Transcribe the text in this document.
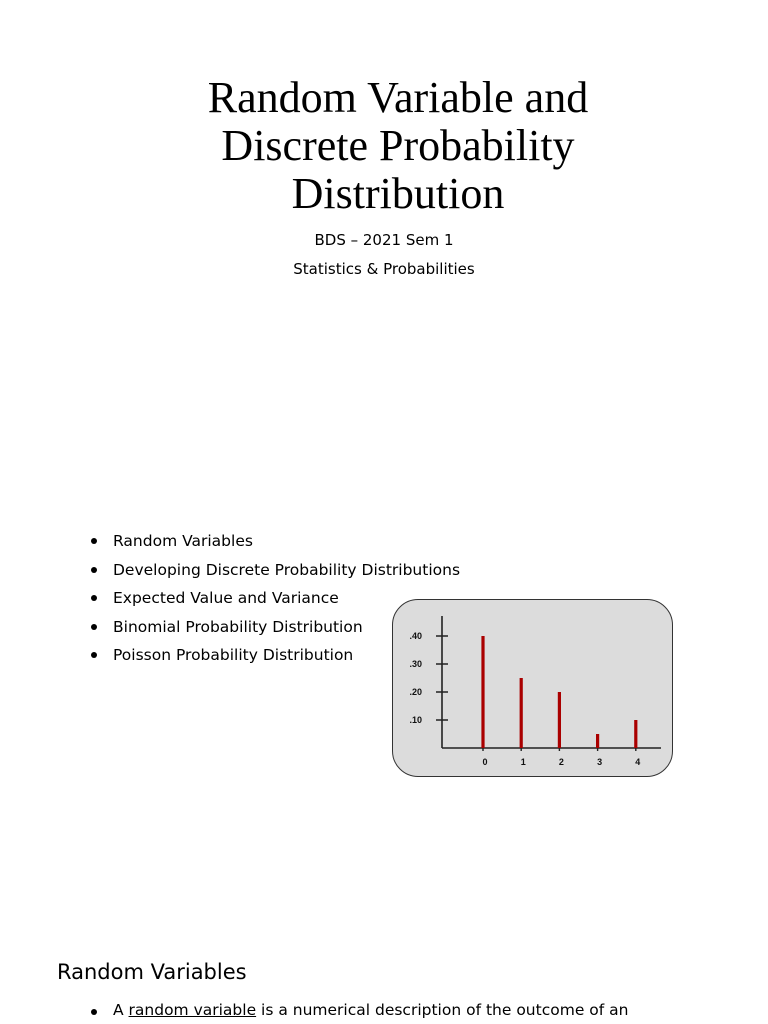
Random Variable and
Discrete Probability
Distribution
BDS – 2021 Sem 1
Statistics & Probabilities
Random Variables
Developing Discrete Probability Distributions
Expected Value and Variance
Binomial Probability Distribution
Poisson Probability Distribution
.10
.20
.30
.40
0	1	2	3	4
Random Variables
A random variable is a numerical description of the outcome of an
